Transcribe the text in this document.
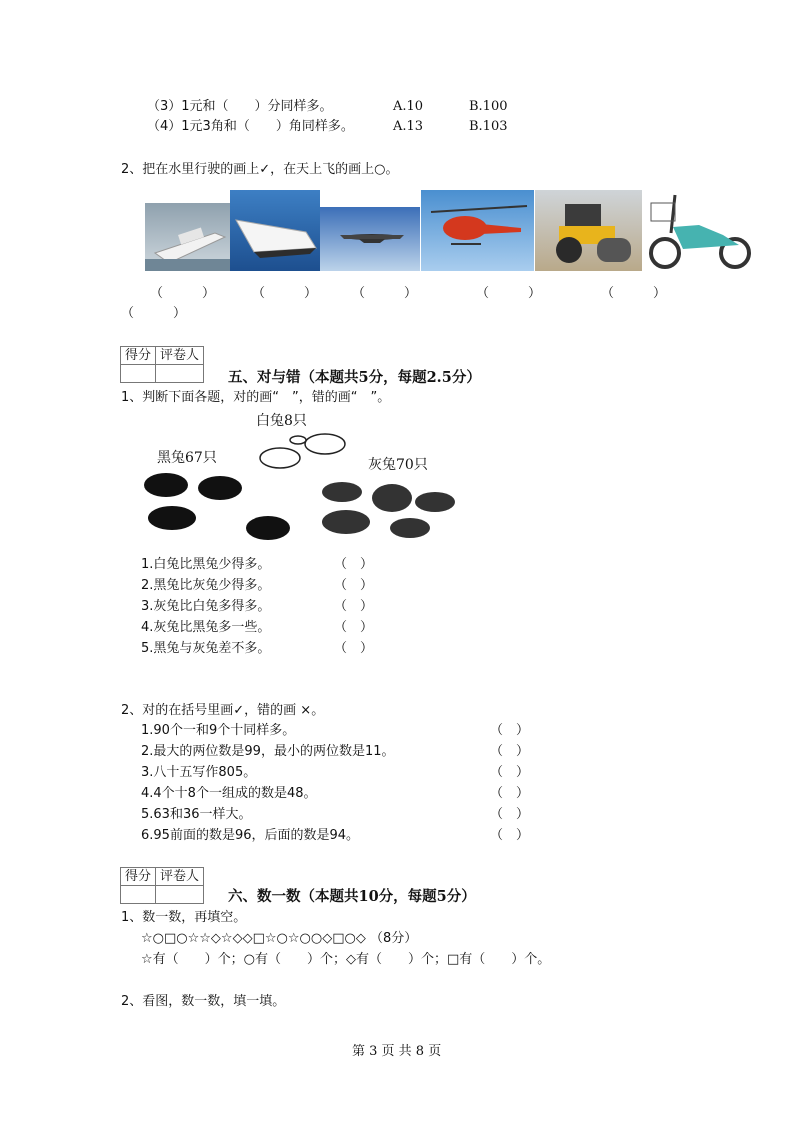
（3）1元和（　　）分同样多。	A.10	B.100
（4）1元3角和（　　）角同样多。	A.13	B.103
2、把在水里行驶的画上✓，在天上飞的画上○。
（　　　）	（　　　）	（　　　）	（　　　）	（　　　）
（　　　）
得分	评卷人

五、对与错（本题共5分，每题2.5分）
1、判断下面各题，对的画“　”，错的画“　”。
白兔8只
黑兔67只	灰兔70只
1.白兔比黑兔少得多。	（　）
2.黑兔比灰兔少得多。	（　）
3.灰兔比白兔多得多。	（　）
4.灰兔比黑兔多一些。	（　）
5.黑兔与灰兔差不多。	（　）
2、对的在括号里画✓，错的画 ×。
1.90个一和9个十同样多。	（　）
2.最大的两位数是99，最小的两位数是11。	（　）
3.八十五写作805。	（　）
4.4个十8个一组成的数是48。	（　）
5.63和36一样大。	（　）
6.95前面的数是96，后面的数是94。	（　）
得分	评卷人

六、数一数（本题共10分，每题5分）
1、数一数，再填空。
☆○□○☆☆◇☆◇◇□☆○☆○○◇□○◇ （8分）
☆有（　　）个；○有（　　）个；◇有（　　）个；□有（　　）个。
2、看图，数一数，填一填。
第 3 页 共 8 页
